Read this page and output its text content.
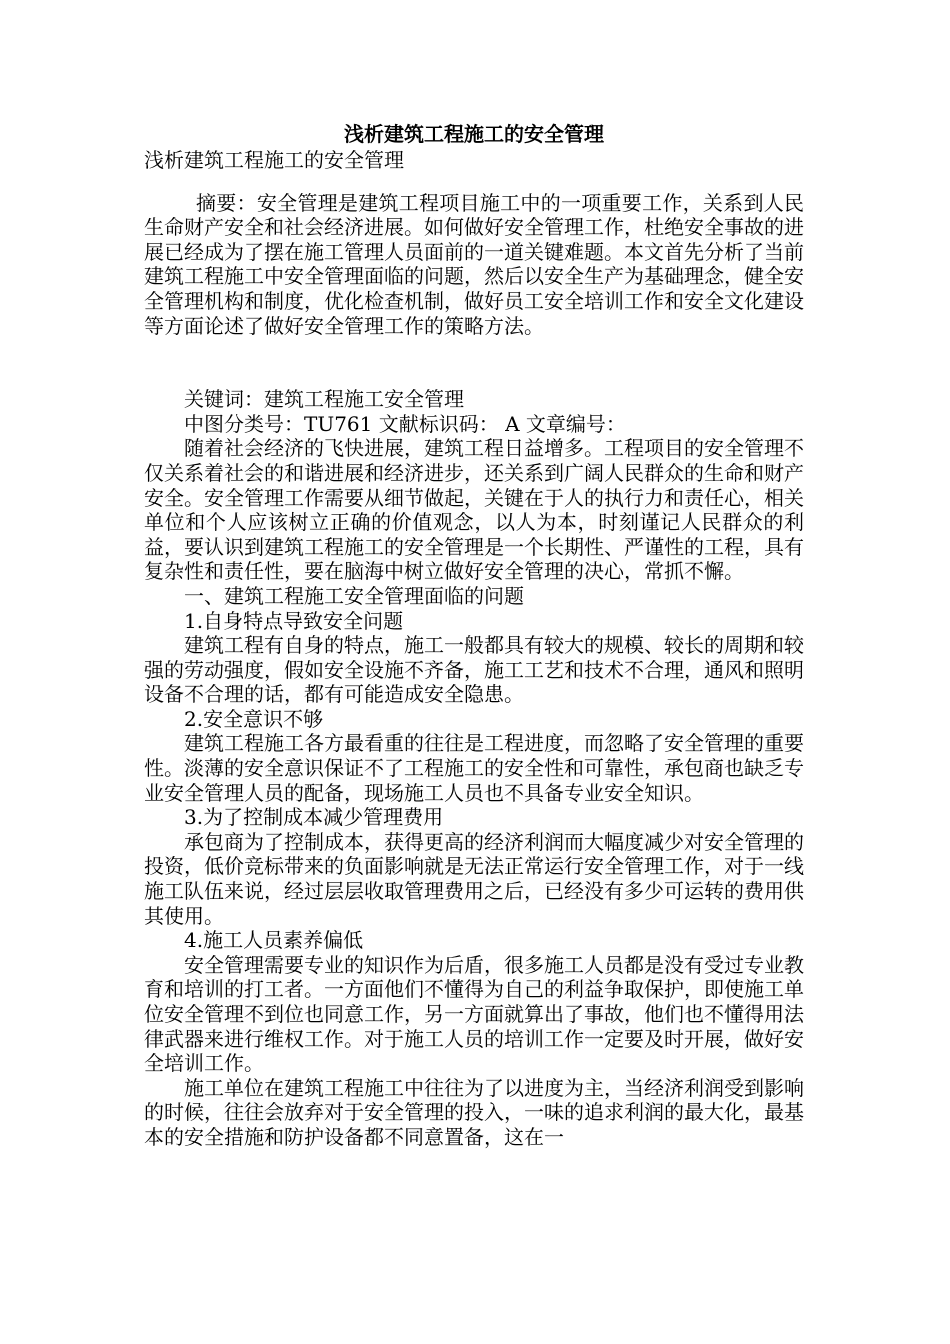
浅析建筑工程施工的安全管理
浅析建筑工程施工的安全管理

摘要：安全管理是建筑工程项目施工中的一项重要工作，关系到人民生命财产安全和社会经济进展。如何做好安全管理工作，杜绝安全事故的进展已经成为了摆在施工管理人员面前的一道关键难题。本文首先分析了当前建筑工程施工中安全管理面临的问题，然后以安全生产为基础理念，健全安全管理机构和制度，优化检查机制，做好员工安全培训工作和安全文化建设等方面论述了做好安全管理工作的策略方法。

关键词：建筑工程施工安全管理

中图分类号：TU761 文献标识码： A 文章编号：

随着社会经济的飞快进展，建筑工程日益增多。工程项目的安全管理不仅关系着社会的和谐进展和经济进步，还关系到广阔人民群众的生命和财产安全。安全管理工作需要从细节做起，关键在于人的执行力和责任心，相关单位和个人应该树立正确的价值观念，以人为本，时刻谨记人民群众的利益，要认识到建筑工程施工的安全管理是一个长期性、严谨性的工程，具有复杂性和责任性，要在脑海中树立做好安全管理的决心，常抓不懈。

一、建筑工程施工安全管理面临的问题

1.自身特点导致安全问题

建筑工程有自身的特点，施工一般都具有较大的规模、较长的周期和较强的劳动强度，假如安全设施不齐备，施工工艺和技术不合理，通风和照明设备不合理的话，都有可能造成安全隐患。

2.安全意识不够

建筑工程施工各方最看重的往往是工程进度，而忽略了安全管理的重要性。淡薄的安全意识保证不了工程施工的安全性和可靠性，承包商也缺乏专业安全管理人员的配备，现场施工人员也不具备专业安全知识。

3.为了控制成本减少管理费用

承包商为了控制成本，获得更高的经济利润而大幅度减少对安全管理的投资，低价竞标带来的负面影响就是无法正常运行安全管理工作，对于一线施工队伍来说，经过层层收取管理费用之后，已经没有多少可运转的费用供其使用。

4.施工人员素养偏低

安全管理需要专业的知识作为后盾，很多施工人员都是没有受过专业教育和培训的打工者。一方面他们不懂得为自己的利益争取保护，即使施工单位安全管理不到位也同意工作，另一方面就算出了事故，他们也不懂得用法律武器来进行维权工作。对于施工人员的培训工作一定要及时开展，做好安全培训工作。

施工单位在建筑工程施工中往往为了以进度为主，当经济利润受到影响的时候，往往会放弃对于安全管理的投入，一味的追求利润的最大化，最基本的安全措施和防护设备都不同意置备，这在一
